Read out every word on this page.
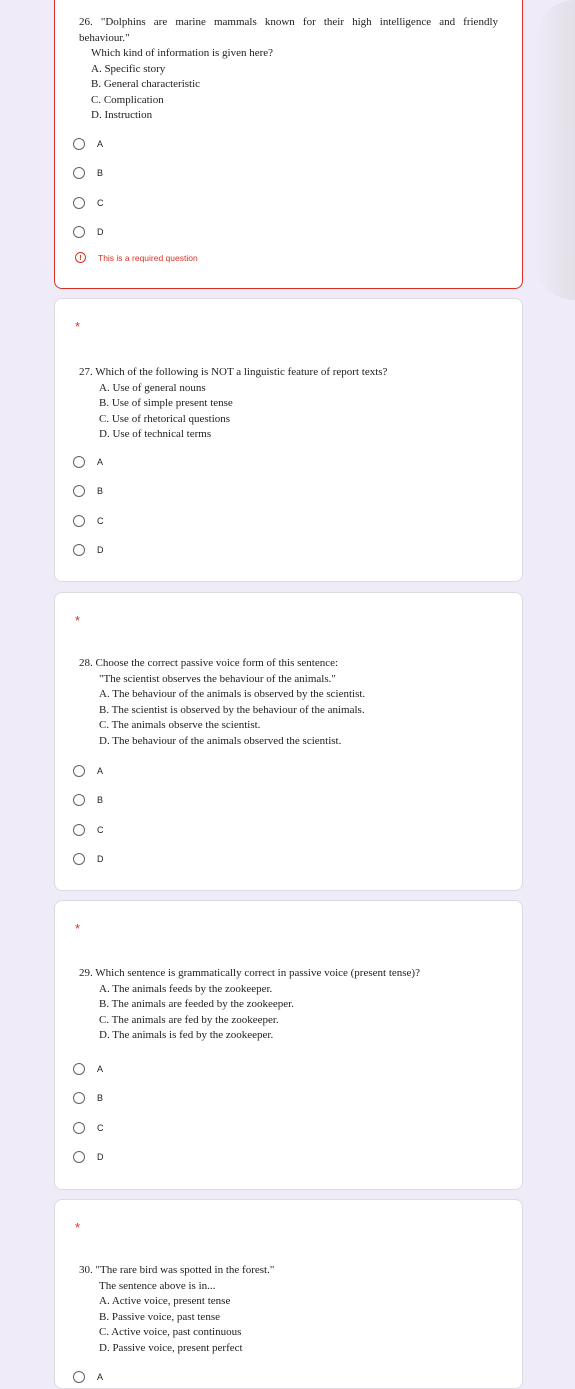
26. "Dolphins are marine mammals known for their high intelligence and friendly
behaviour."
Which kind of information is given here?
A. Specific story
B. General characteristic
C. Complication
D. Instruction
A
B
C
D
!	This is a required question
*
27. Which of the following is NOT a linguistic feature of report texts?
A. Use of general nouns
B. Use of simple present tense
C. Use of rhetorical questions
D. Use of technical terms
A
B
C
D
*
28. Choose the correct passive voice form of this sentence:
"The scientist observes the behaviour of the animals."
A. The behaviour of the animals is observed by the scientist.
B. The scientist is observed by the behaviour of the animals.
C. The animals observe the scientist.
D. The behaviour of the animals observed the scientist.
A
B
C
D
*
29. Which sentence is grammatically correct in passive voice (present tense)?
A. The animals feeds by the zookeeper.
B. The animals are feeded by the zookeeper.
C. The animals are fed by the zookeeper.
D. The animals is fed by the zookeeper.
A
B
C
D
*
30. "The rare bird was spotted in the forest."
The sentence above is in...
A. Active voice, present tense
B. Passive voice, past tense
C. Active voice, past continuous
D. Passive voice, present perfect
A
